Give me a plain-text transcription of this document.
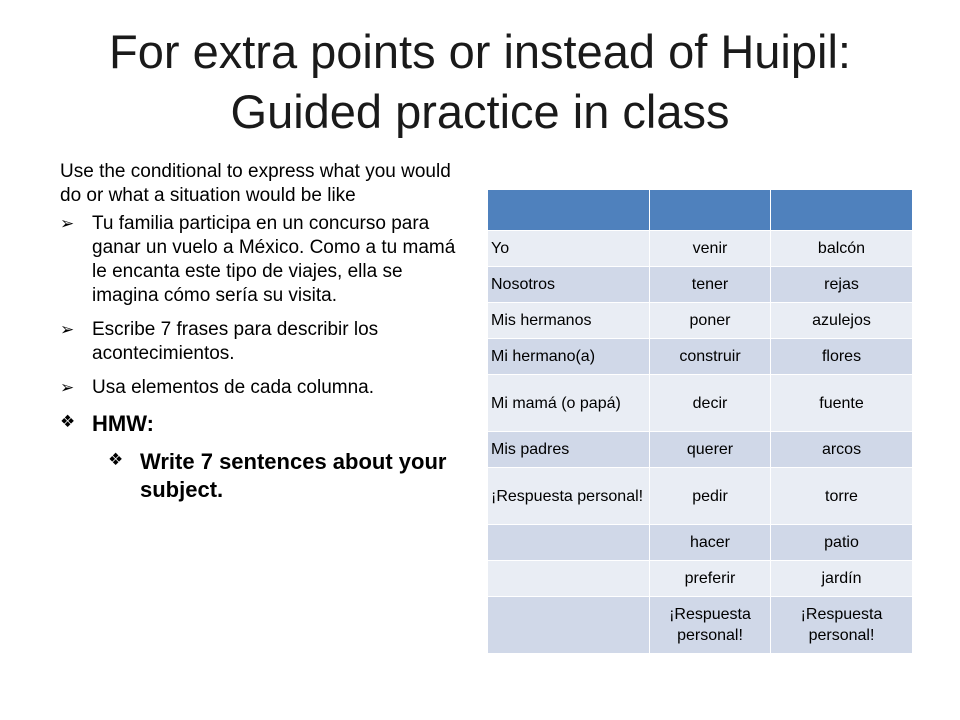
For extra points or instead of Huipil: Guided practice in class

Use the conditional to express what you would do or what a situation would be like

➢ Tu familia participa en un concurso para ganar un vuelo a México. Como a tu mamá le encanta este tipo de viajes, ella se imagina cómo sería su visita.
➢ Escribe 7 frases para describir los acontecimientos.
➢ Usa elementos de cada columna.
❖ HMW:
❖ Write 7 sentences about your subject.

Yo	venir	balcón
Nosotros	tener	rejas
Mis hermanos	poner	azulejos
Mi hermano(a)	construir	flores
Mi mamá (o papá)	decir	fuente
Mis padres	querer	arcos
¡Respuesta personal!	pedir	torre
	hacer	patio
	preferir	jardín
	¡Respuesta personal!	¡Respuesta personal!
